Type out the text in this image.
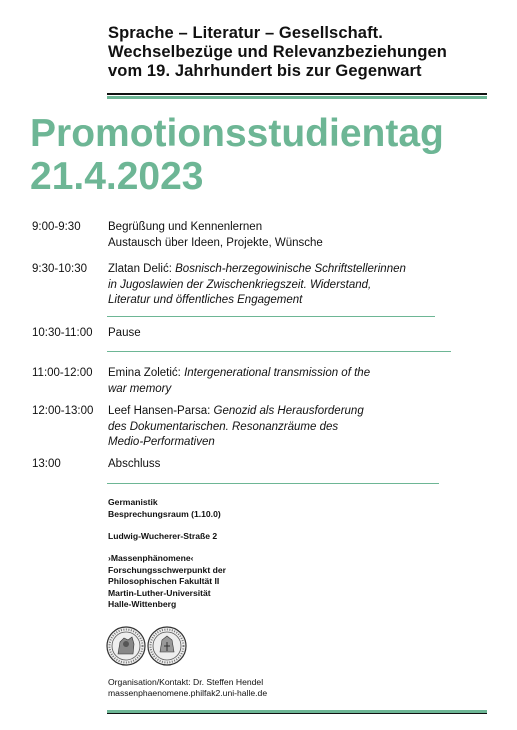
Sprache – Literatur – Gesellschaft.
Wechselbezüge und Relevanzbeziehungen
vom 19. Jahrhundert bis zur Gegenwart
Promotionsstudientag
21.4.2023
9:00-9:30	Begrüßung und Kennenlernen
Austausch über Ideen, Projekte, Wünsche
9:30-10:30	Zlatan Delić: Bosnisch-herzegowinische Schriftstellerinnen
in Jugoslawien der Zwischenkriegszeit. Widerstand,
Literatur und öffentliches Engagement
10:30-11:00	Pause
11:00-12:00	Emina Zoletić: Intergenerational transmission of the
war memory
12:00-13:00	Leef Hansen-Parsa: Genozid als Herausforderung
des Dokumentarischen. Resonanzräume des
Medio-Performativen
13:00	Abschluss
Germanistik
Besprechungsraum (1.10.0)
Ludwig-Wucherer-Straße 2
›Massenphänomene‹
Forschungsschwerpunkt der
Philosophischen Fakultät II
Martin-Luther-Universität
Halle-Wittenberg
Organisation/Kontakt: Dr. Steffen Hendel
massenphaenomene.philfak2.uni-halle.de
